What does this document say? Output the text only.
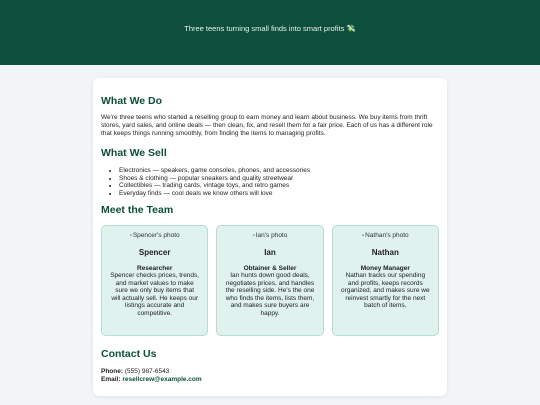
Three teens turning small finds into smart profits 💸
What We Do

We're three teens who started a reselling group to earn money and learn about business. We buy items from thrift stores, yard sales, and online deals — then clean, fix, and resell them for a fair price. Each of us has a different role that keeps things running smoothly, from finding the items to managing profits.

What We Sell
• Electronics — speakers, game consoles, phones, and accessories
• Shoes & clothing — popular sneakers and quality streetwear
• Collectibles — trading cards, vintage toys, and retro games
• Everyday finds — cool deals we know others will love
Meet the Team
▫Spencer's photo
Spencer
Researcher
Spencer checks prices, trends, and market values to make sure we only buy items that will actually sell. He keeps our listings accurate and competitive.
▫Ian's photo
Ian
Obtainer & Seller
Ian hunts down good deals, negotiates prices, and handles the reselling side. He's the one who finds the items, lists them, and makes sure buyers are happy.
▫Nathan's photo
Nathan
Money Manager
Nathan tracks our spending and profits, keeps records organized, and makes sure we reinvest smartly for the next batch of items.
Contact Us
Phone: (555) 987-6543
Email: resellcrew@example.com
